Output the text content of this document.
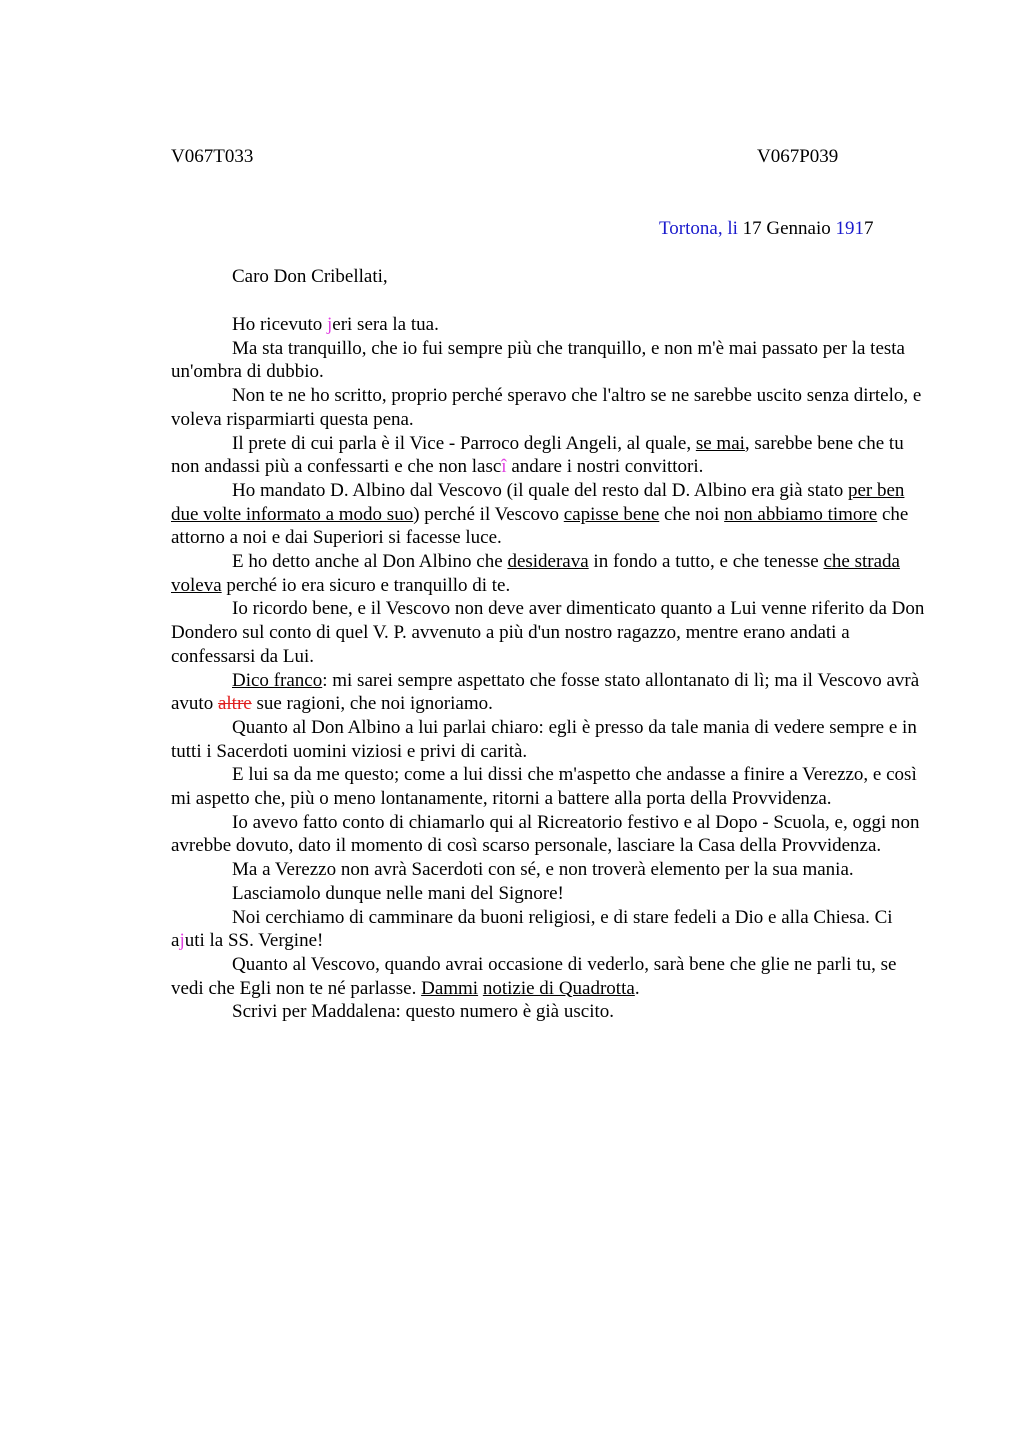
V067T033	V067P039
Tortona, li 17 Gennaio 1917
Caro Don Cribellati,

Ho ricevuto jeri sera la tua.

Ma sta tranquillo, che io fui sempre più che tranquillo, e non m'è mai passato per la testa un'ombra di dubbio.

Non te ne ho scritto, proprio perché speravo che l'altro se ne sarebbe uscito senza dirtelo, e voleva risparmiarti questa pena.

Il prete di cui parla è il Vice - Parroco degli Angeli, al quale, se mai, sarebbe bene che tu non andassi più a confessarti e che non lascî andare i nostri convittori.

Ho mandato D. Albino dal Vescovo (il quale del resto dal D. Albino era già stato per ben due volte informato a modo suo) perché il Vescovo capisse bene che noi non abbiamo timore che attorno a noi e dai Superiori si facesse luce.

E ho detto anche al Don Albino che desiderava in fondo a tutto, e che tenesse che strada voleva perché io era sicuro e tranquillo di te.

Io ricordo bene, e il Vescovo non deve aver dimenticato quanto a Lui venne riferito da Don Dondero sul conto di quel V. P. avvenuto a più d'un nostro ragazzo, mentre erano andati a confessarsi da Lui.

Dico franco: mi sarei sempre aspettato che fosse stato allontanato di lì; ma il Vescovo avrà avuto altre sue ragioni, che noi ignoriamo.

Quanto al Don Albino a lui parlai chiaro: egli è presso da tale mania di vedere sempre e in tutti i Sacerdoti uomini viziosi e privi di carità.

E lui sa da me questo; come a lui dissi che m'aspetto che andasse a finire a Verezzo, e così mi aspetto che, più o meno lontanamente, ritorni a battere alla porta della Provvidenza.

Io avevo fatto conto di chiamarlo qui al Ricreatorio festivo e al Dopo - Scuola, e, oggi non avrebbe dovuto, dato il momento di così scarso personale, lasciare la Casa della Provvidenza.

Ma a Verezzo non avrà Sacerdoti con sé, e non troverà elemento per la sua mania.

Lasciamolo dunque nelle mani del Signore!

Noi cerchiamo di camminare da buoni religiosi, e di stare fedeli a Dio e alla Chiesa. Ci ajuti la SS. Vergine!

Quanto al Vescovo, quando avrai occasione di vederlo, sarà bene che glie ne parli tu, se vedi che Egli non te né parlasse. Dammi notizie di Quadrotta.

Scrivi per Maddalena: questo numero è già uscito.
